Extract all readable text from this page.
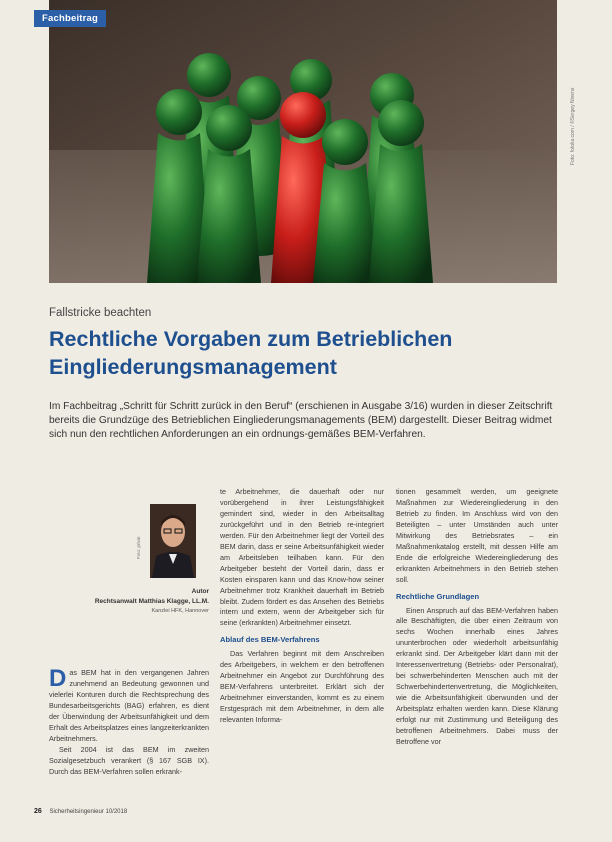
Fachbeitrag
Foto: fotolia.com / ©Sergey Nivens
Fallstricke beachten
Rechtliche Vorgaben zum Betrieblichen Eingliederungsmanagement

Im Fachbeitrag „Schritt für Schritt zurück in den Beruf“ (erschienen in Ausgabe 3/16) wurden in dieser Zeitschrift bereits die Grundzüge des Betrieblichen Eingliederungsmanagements (BEM) dargestellt. Dieser Beitrag widmet sich nun den rechtlichen Anforderungen an ein ordnungs-gemäßes BEM-Verfahren.

Foto: privat
Autor
Rechtsanwalt Matthias Klagge, LL.M.
Kanzlei HFK, Hannover

Das BEM hat in den vergangenen Jahren zunehmend an Bedeutung gewonnen und vielerlei Konturen durch die Rechtsprechung des Bundesarbeitsgerichts (BAG) erfahren, es dient der Überwindung der Arbeitsunfähigkeit und dem Erhalt des Arbeitsplatzes eines langzeiterkrankten Arbeitnehmers.

Seit 2004 ist das BEM im zweiten Sozialgesetzbuch verankert (§ 167 SGB IX). Durch das BEM-Verfahren sollen erkrank-

te Arbeitnehmer, die dauerhaft oder nur vorübergehend in ihrer Leistungsfähigkeit gemindert sind, wieder in den Arbeitsalltag zurückgeführt und in den Betrieb re-integriert werden. Für den Arbeitnehmer liegt der Vorteil des BEM darin, dass er seine Arbeitsunfähigkeit wieder am Arbeitsleben teilhaben kann. Für den Arbeitgeber besteht der Vorteil darin, dass er Kosten einsparen kann und das Know-how seiner Arbeitnehmer trotz Krankheit dauerhaft im Betrieb bleibt. Zudem fördert es das Ansehen des Betriebs intern und extern, wenn der Arbeitgeber sich für seine (erkrankten) Arbeitnehmer einsetzt.

Ablauf des BEM-Verfahrens

Das Verfahren beginnt mit dem Anschreiben des Arbeitgebers, in welchem er den betroffenen Arbeitnehmer ein Angebot zur Durchführung des BEM-Verfahrens unterbreitet. Erklärt sich der Arbeitnehmer einverstanden, kommt es zu einem Erstgespräch mit dem Arbeitnehmer, in dem alle relevanten Informa-

tionen gesammelt werden, um geeignete Maßnahmen zur Wiedereingliederung in den Betrieb zu finden. Im Anschluss wird von den Beteiligten – unter Umständen auch unter Mitwirkung des Betriebsrates – ein Maßnahmenkatalog erstellt, mit dessen Hilfe am Ende die erfolgreiche Wiedereingliederung des erkrankten Arbeitnehmers in den Betrieb stehen soll.

Rechtliche Grundlagen

Einen Anspruch auf das BEM-Verfahren haben alle Beschäftigten, die über einen Zeitraum von sechs Wochen innerhalb eines Jahres ununterbrochen oder wiederholt arbeitsunfähig erkrankt sind. Der Arbeitgeber klärt dann mit der Interessenvertretung (Betriebs- oder Personalrat), bei schwerbehinderten Menschen auch mit der Schwerbehindertenvertretung, die Möglichkeiten, wie die Arbeitsunfähigkeit überwunden und der Arbeitsplatz erhalten werden kann. Diese Klärung erfolgt nur mit Zustimmung und Beteiligung des betroffenen Arbeitnehmers. Dabei muss der Betroffene vor

26 Sicherheitsingenieur 10/2018
